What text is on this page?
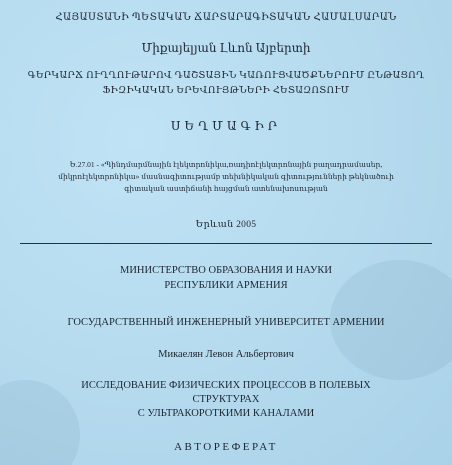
ՀԱՅԱՍՏԱՆԻ ՊԵՏԱԿԱՆ ՃԱՐՏԱՐԱԳԻՏԱԿԱՆ ՀԱՄԱԼՍԱՐԱՆ
Միքայելյան Լևոն Այբերտի
ԳԵՐԿԱՐՃ ՈՒՂՂՈՒԹԱՐՈՎ ԴԱՇՏԱՅԻՆ ԿԱՌՈՒՑՎԱԾՔՆԵՐՈՒՄ ԸՆԹԱՑՈՂ
ՖԻԶԻԿԱԿԱՆ ԵՐԵՎՈՒՅԹՆԵՐԻ ՀԵՏԱԶՈՏՈՒՄ
ՍԵՂՄԱԳԻՐ
Ե.27.01 - «Պինդմարմնային էլեկտրոնիկա,ռադիոէլեկտրոնային բաղադրամասեր,
միկրոէլեկտրոնիկա» մասնագիտությամբ տեխնիկական գիտությունների թեկնածուի
գիտական աստիճանի հայցման ատենախոսության
Երևան 2005
МИНИСТЕРСТВО ОБРАЗОВАНИЯ И НАУКИ
РЕСПУБЛИКИ АРМЕНИЯ
ГОСУДАРСТВЕННЫЙ ИНЖЕНЕРНЫЙ УНИВЕРСИТЕТ АРМЕНИИ
Микаелян Левон Альбертович
ИССЛЕДОВАНИЕ ФИЗИЧЕСКИХ ПРОЦЕССОВ В ПОЛЕВЫХ
СТРУКТУРАХ
С УЛЬТРАКОРОТКИМИ КАНАЛАМИ
АВТОРЕФЕРАТ
